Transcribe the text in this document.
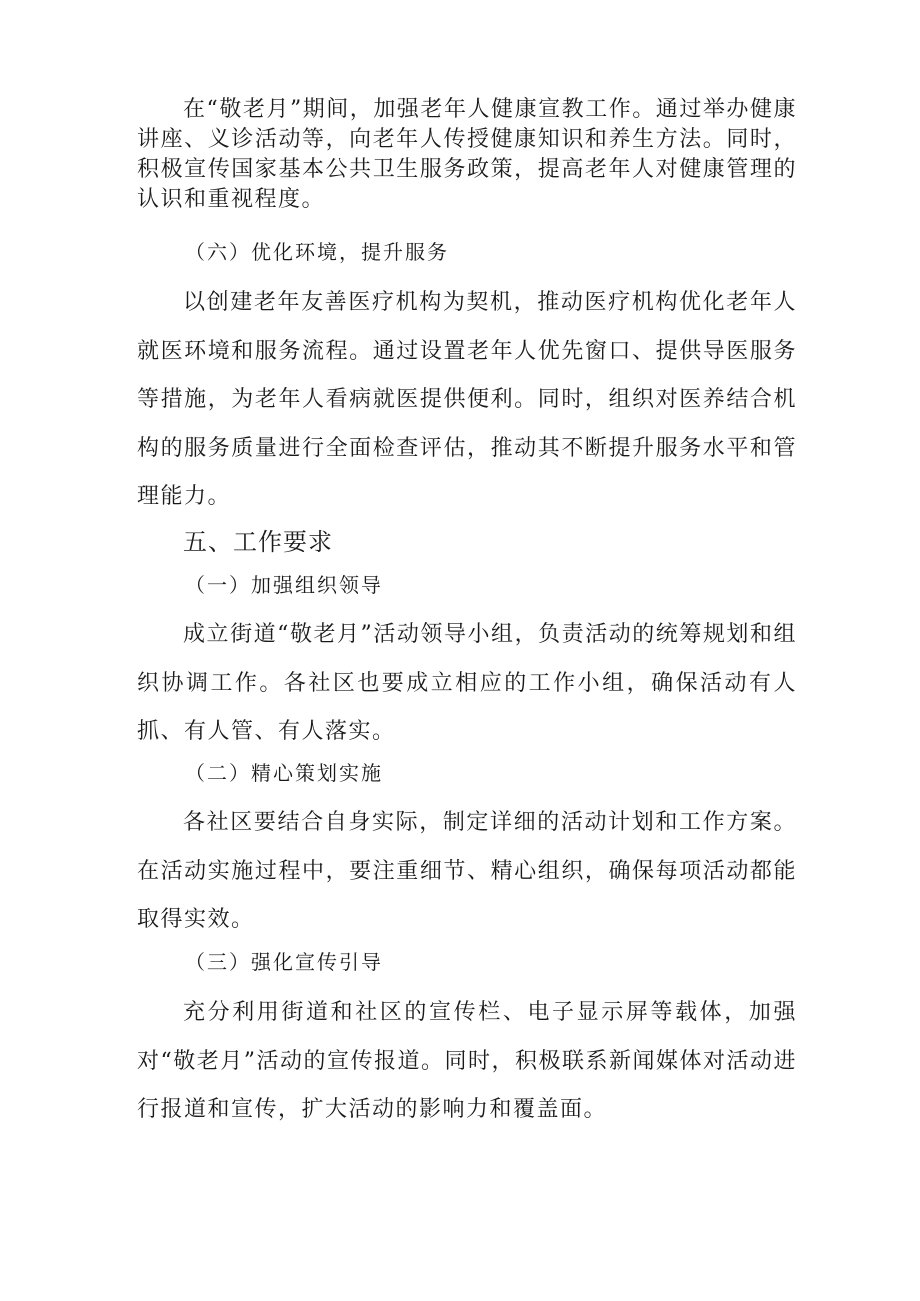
在“敬老月”期间，加强老年人健康宣教工作。通过举办健康讲座、义诊活动等，向老年人传授健康知识和养生方法。同时，积极宣传国家基本公共卫生服务政策，提高老年人对健康管理的认识和重视程度。

（六）优化环境，提升服务

以创建老年友善医疗机构为契机，推动医疗机构优化老年人就医环境和服务流程。通过设置老年人优先窗口、提供导医服务等措施，为老年人看病就医提供便利。同时，组织对医养结合机构的服务质量进行全面检查评估，推动其不断提升服务水平和管理能力。

五、工作要求

（一）加强组织领导

成立街道“敬老月”活动领导小组，负责活动的统筹规划和组织协调工作。各社区也要成立相应的工作小组，确保活动有人抓、有人管、有人落实。

（二）精心策划实施

各社区要结合自身实际，制定详细的活动计划和工作方案。在活动实施过程中，要注重细节、精心组织，确保每项活动都能取得实效。

（三）强化宣传引导

充分利用街道和社区的宣传栏、电子显示屏等载体，加强对“敬老月”活动的宣传报道。同时，积极联系新闻媒体对活动进行报道和宣传，扩大活动的影响力和覆盖面。
